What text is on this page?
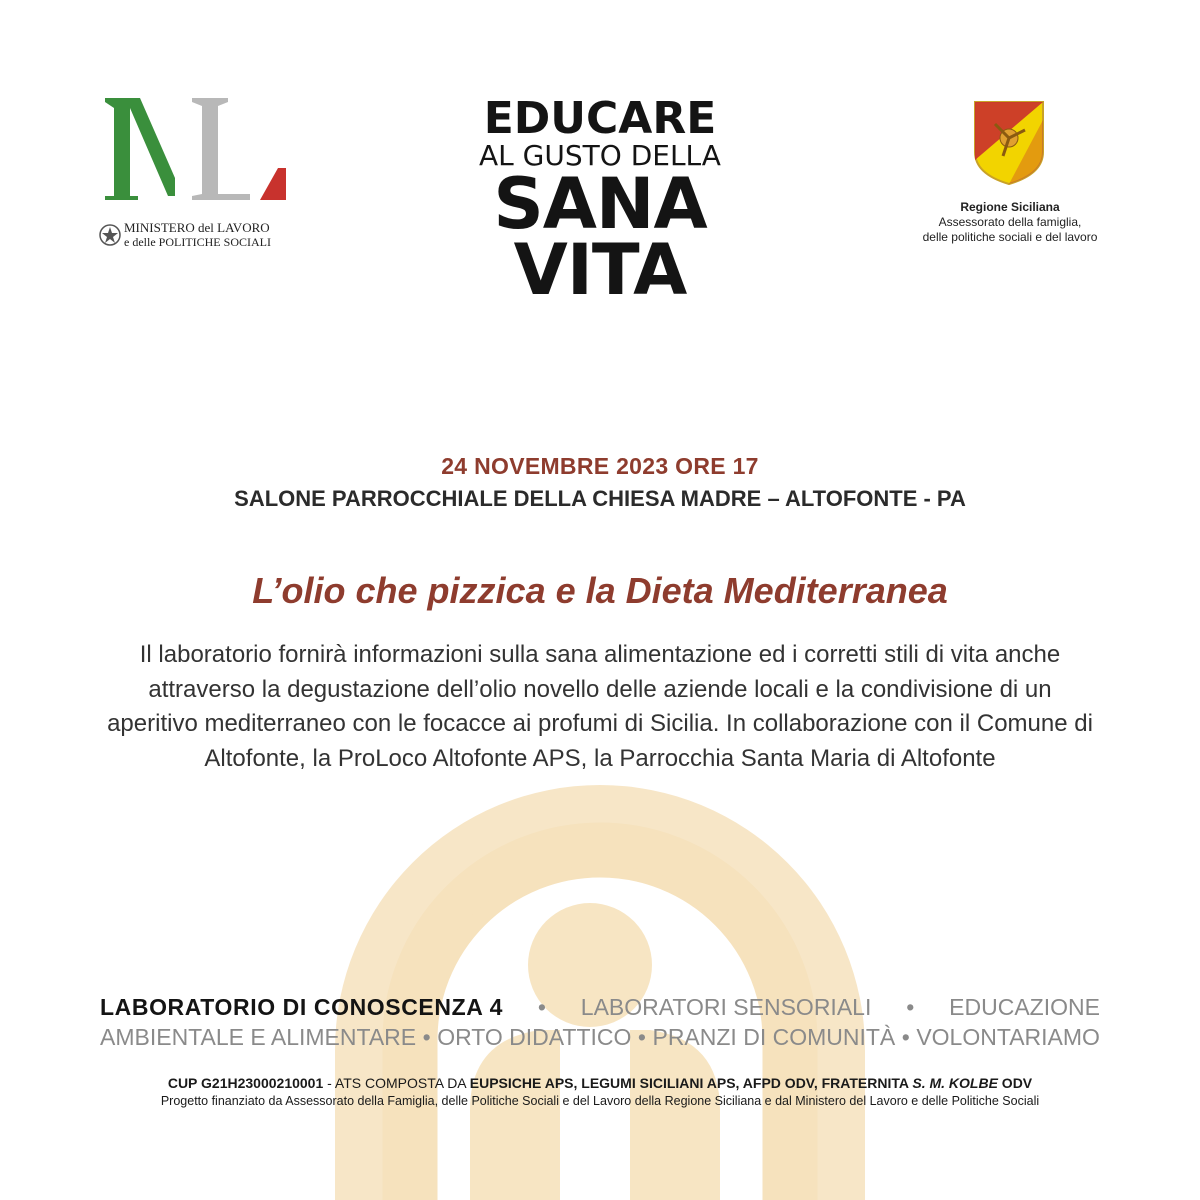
MINISTERO del LAVORO
e delle POLITICHE SOCIALI
EDUCARE
AL GUSTO DELLA
SANA
VITA
Regione Siciliana
Assessorato della famiglia,
delle politiche sociali e del lavoro
24 NOVEMBRE 2023 ORE 17
SALONE PARROCCHIALE DELLA CHIESA MADRE – ALTOFONTE - PA
L’olio che pizzica e la Dieta Mediterranea
Il laboratorio fornirà informazioni sulla sana alimentazione ed i corretti stili di vita anche attraverso la degustazione dell’olio novello delle aziende locali e la condivisione di un aperitivo mediterraneo con le focacce ai profumi di Sicilia. In collaborazione con il Comune di Altofonte, la ProLoco Altofonte APS, la Parrocchia Santa Maria di Altofonte
LABORATORIO DI CONOSCENZA 4 • LABORATORI SENSORIALI • EDUCAZIONE
AMBIENTALE E ALIMENTARE • ORTO DIDATTICO • PRANZI DI COMUNITÀ • VOLONTARIAMO
CUP G21H23000210001 - ATS COMPOSTA DA EUPSICHE APS, LEGUMI SICILIANI APS, AFPD ODV, FRATERNITA S. M. KOLBE ODV
Progetto finanziato da Assessorato della Famiglia, delle Politiche Sociali e del Lavoro della Regione Siciliana e dal Ministero del Lavoro e delle Politiche Sociali
